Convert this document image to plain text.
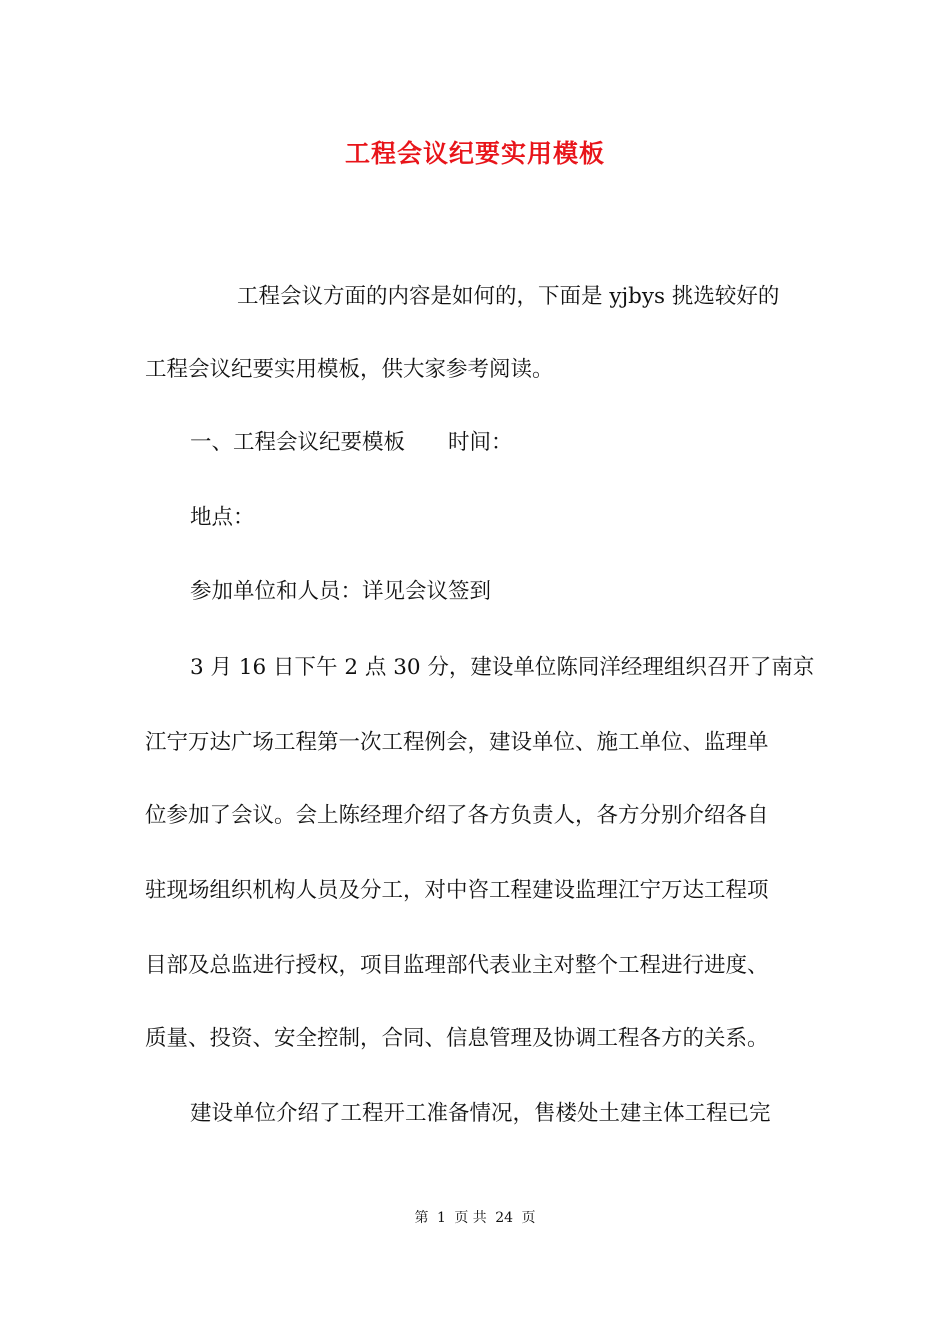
工程会议纪要实用模板
工程会议方面的内容是如何的，下面是 yjbys 挑选较好的
工程会议纪要实用模板，供大家参考阅读。
一、工程会议纪要模板　　时间：
地点：
参加单位和人员：详见会议签到
3 月 16 日下午 2 点 30 分，建设单位陈同洋经理组织召开了南京
江宁万达广场工程第一次工程例会，建设单位、施工单位、监理单
位参加了会议。会上陈经理介绍了各方负责人，各方分别介绍各自
驻现场组织机构人员及分工，对中咨工程建设监理江宁万达工程项
目部及总监进行授权，项目监理部代表业主对整个工程进行进度、
质量、投资、安全控制，合同、信息管理及协调工程各方的关系。
建设单位介绍了工程开工准备情况，售楼处土建主体工程已完
第 1 页 共 24 页
